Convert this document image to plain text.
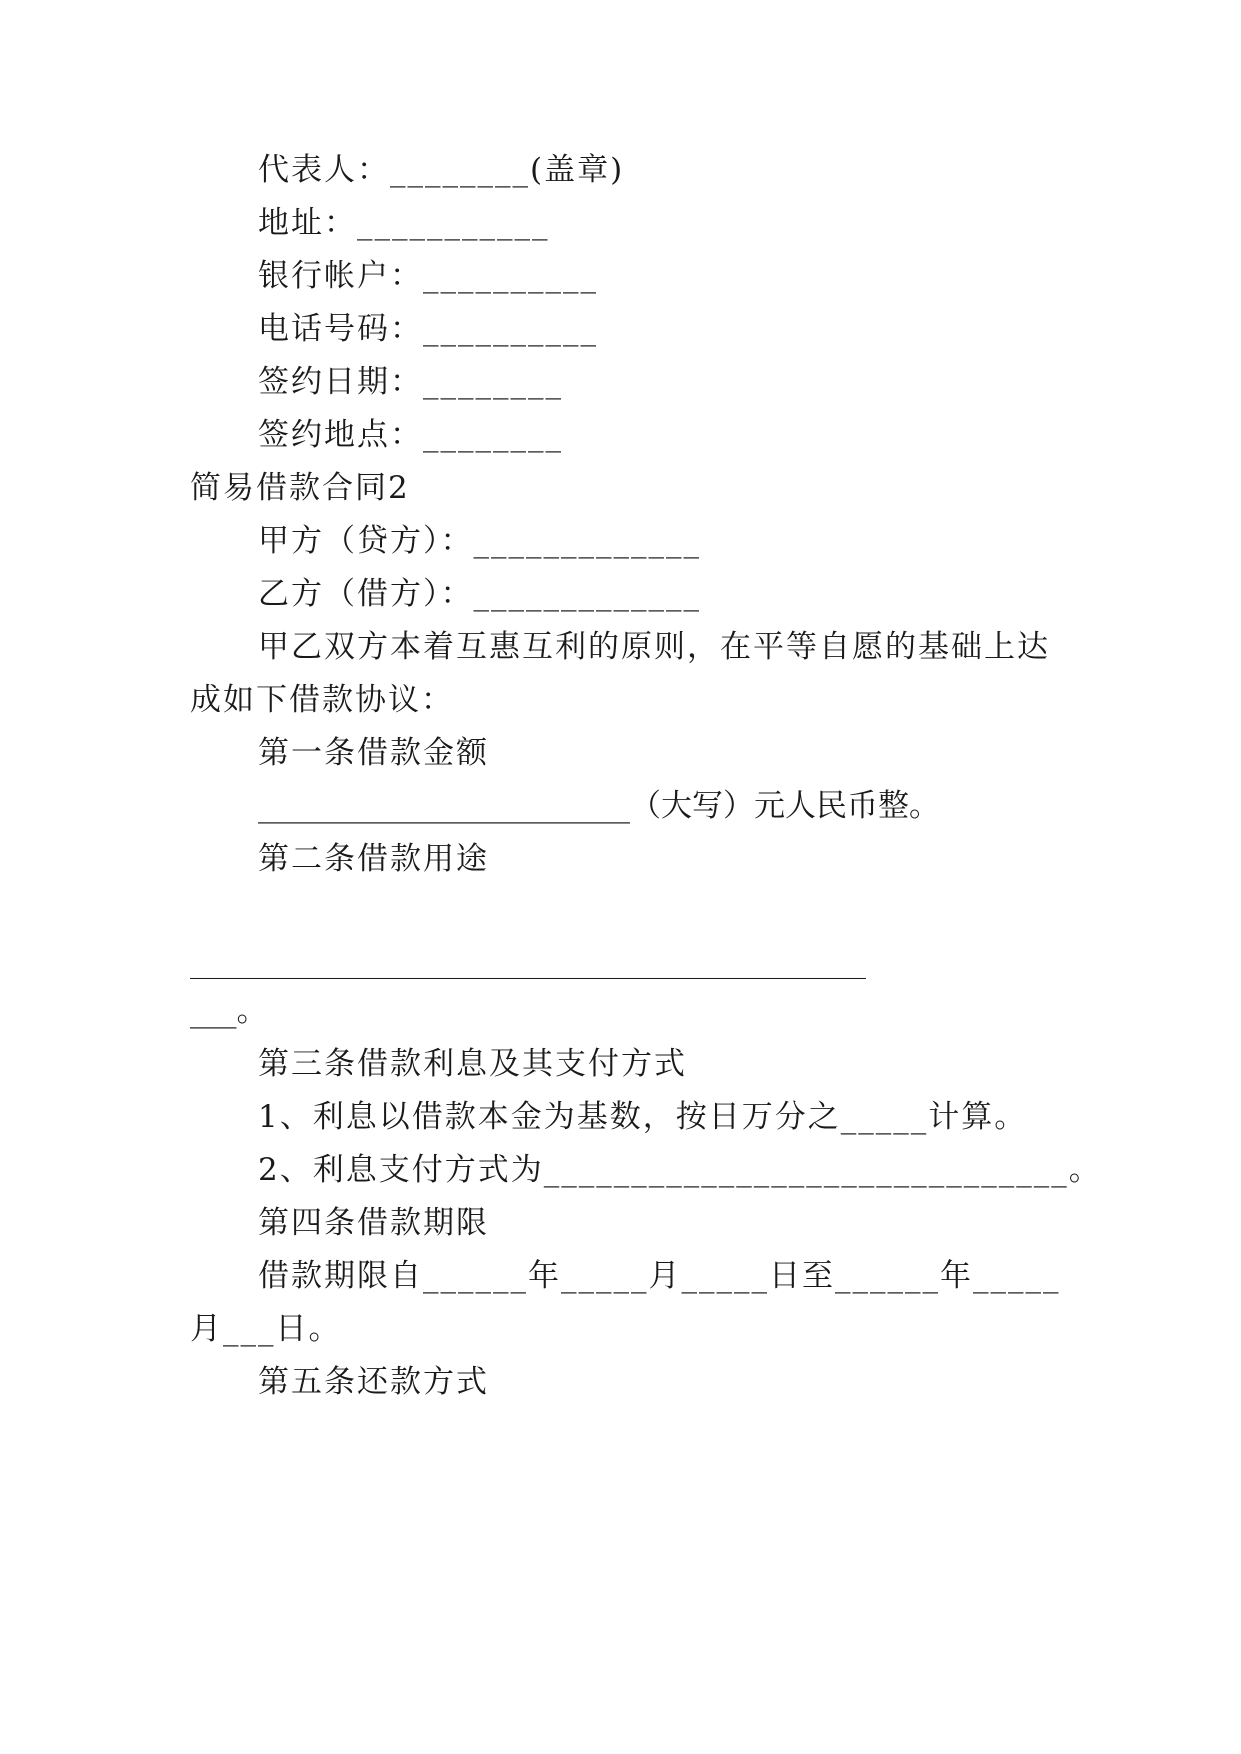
代表人：________(盖章)
地址：___________
银行帐户：__________
电话号码：__________
签约日期：________
签约地点：________
简易借款合同2
甲方（贷方）：_____________
乙方（借方）：_____________
甲乙双方本着互惠互利的原则，在平等自愿的基础上达
成如下借款协议：
第一条借款金额
________________________（大写）元人民币整。
第二条借款用途
____________________________________________________
___。
第三条借款利息及其支付方式
1、利息以借款本金为基数，按日万分之_____计算。
2、利息支付方式为______________________________。
第四条借款期限
借款期限自______年_____月_____日至______年_____
月___日。
第五条还款方式
